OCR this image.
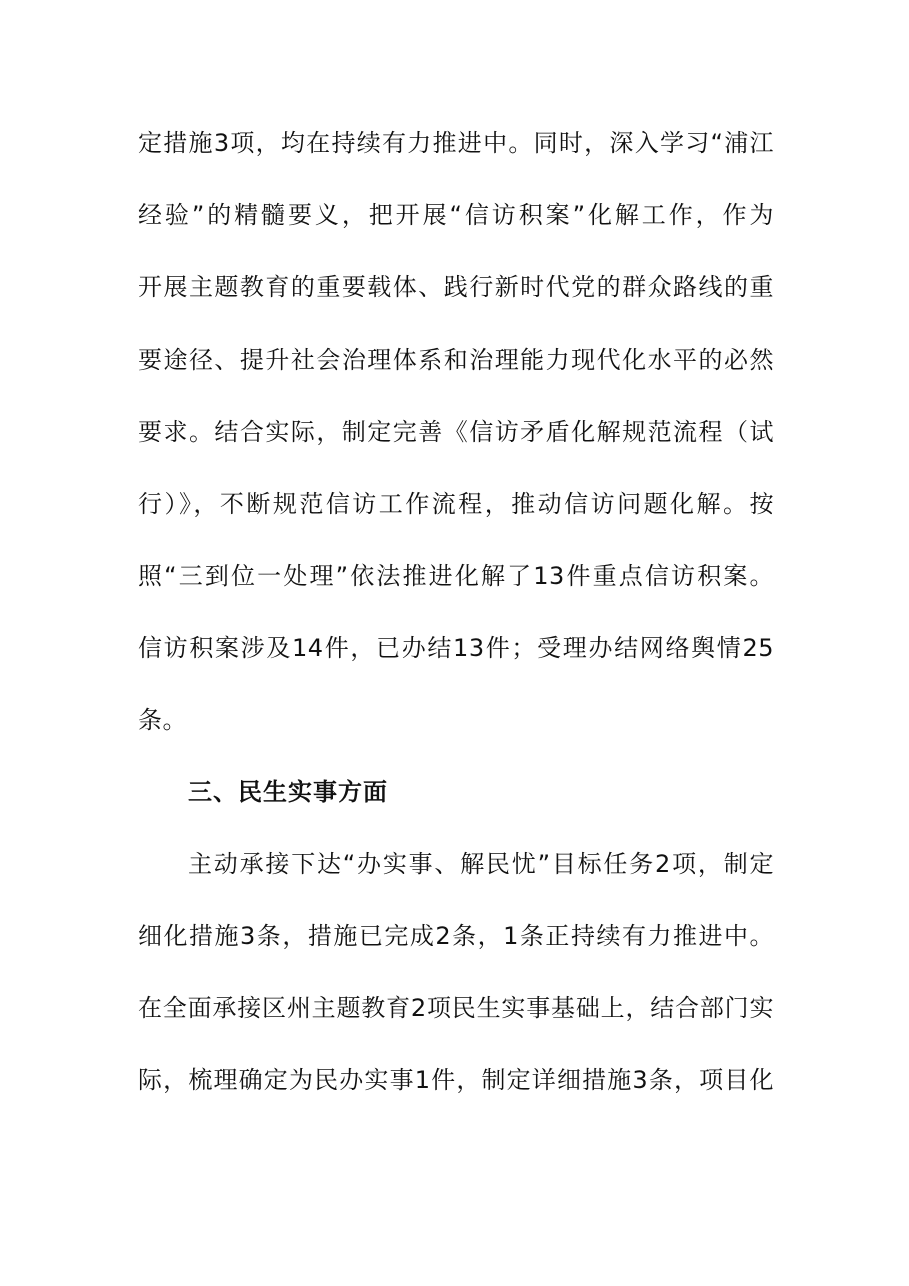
定措施3项，均在持续有力推进中。同时，深入学习“浦江
经验”的精髓要义，把开展“信访积案”化解工作，作为
开展主题教育的重要载体、践行新时代党的群众路线的重
要途径、提升社会治理体系和治理能力现代化水平的必然
要求。结合实际，制定完善《信访矛盾化解规范流程（试
行）》，不断规范信访工作流程，推动信访问题化解。按
照“三到位一处理”依法推进化解了13件重点信访积案。
信访积案涉及14件，已办结13件；受理办结网络舆情25
条。
三、民生实事方面
主动承接下达“办实事、解民忧”目标任务2项，制定
细化措施3条，措施已完成2条，1条正持续有力推进中。
在全面承接区州主题教育2项民生实事基础上，结合部门实
际，梳理确定为民办实事1件，制定详细措施3条，项目化
